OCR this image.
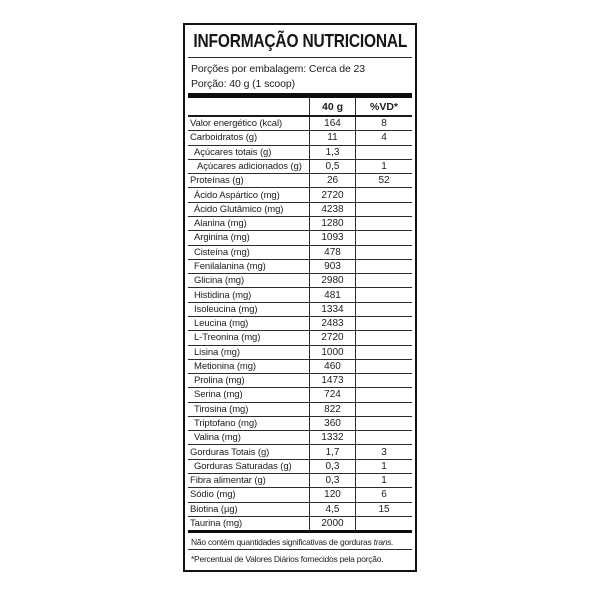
INFORMAÇÃO NUTRICIONAL

Porções por embalagem: Cerca de 23

Porção: 40 g (1 scoop)

40 g	%VD*
Valor energético (kcal)	164	8
Carboidratos (g)	11	4
Açúcares totais (g)	1,3
Açúcares adicionados (g)	0,5	1
Proteínas (g)	26	52
Ácido Aspártico (mg)	2720
Ácido Glutâmico (mg)	4238
Alanina (mg)	1280
Arginina (mg)	1093
Cisteína (mg)	478
Fenilalanina (mg)	903
Glicina (mg)	2980
Histidina (mg)	481
Isoleucina (mg)	1334
Leucina (mg)	2483
L-Treonina (mg)	2720
Lisina (mg)	1000
Metionina (mg)	460
Prolina (mg)	1473
Serina (mg)	724
Tirosina (mg)	822
Triptofano (mg)	360
Valina (mg)	1332
Gorduras Totais (g)	1,7	3
Gorduras Saturadas (g)	0,3	1
Fibra alimentar (g)	0,3	1
Sódio (mg)	120	6
Biotina (µg)	4,5	15
Taurina (mg)	2000
Não contém quantidades significativas de gorduras trans.
*Percentual de Valores Diários fornecidos pela porção.
